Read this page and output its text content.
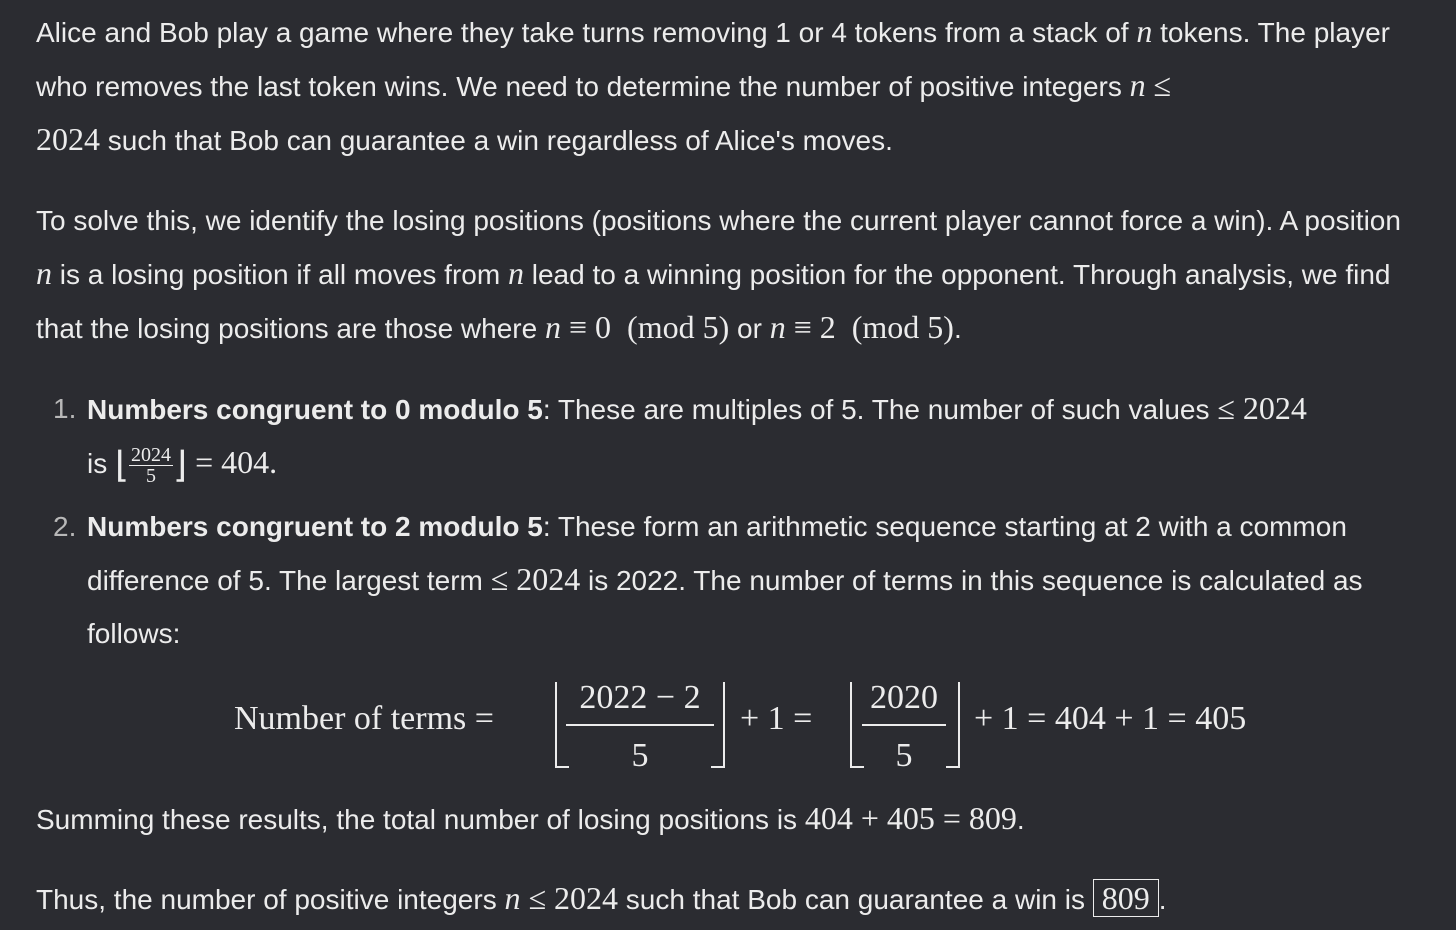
Alice and Bob play a game where they take turns removing 1 or 4 tokens from a stack of n tokens. The player who removes the last token wins. We need to determine the number of positive integers n ≤
2024 such that Bob can guarantee a win regardless of Alice's moves.

To solve this, we identify the losing positions (positions where the current player cannot force a win). A position n is a losing position if all moves from n lead to a winning position for the opponent. Through analysis, we find that the losing positions are those where n ≡ 0  (mod 5) or n ≡ 2  (mod 5).

1. Numbers congruent to 0 modulo 5: These are multiples of 5. The number of such values ≤ 2024
is ⌊ $\frac{2024}{5}$ ⌋ = 404.
2. Numbers congruent to 2 modulo 5: These form an arithmetic sequence starting at 2 with a common difference of 5. The largest term ≤ 2024 is 2022. The number of terms in this sequence is calculated as follows:
Number of terms = $\frac{2022 - 2}{5} + 1 = \frac{2020}{5} + 1 = 404 + 1 = 405$

Summing these results, the total number of losing positions is 404 + 405 = 809.

Thus, the number of positive integers n ≤ 2024 such that Bob can guarantee a win is 809 .
